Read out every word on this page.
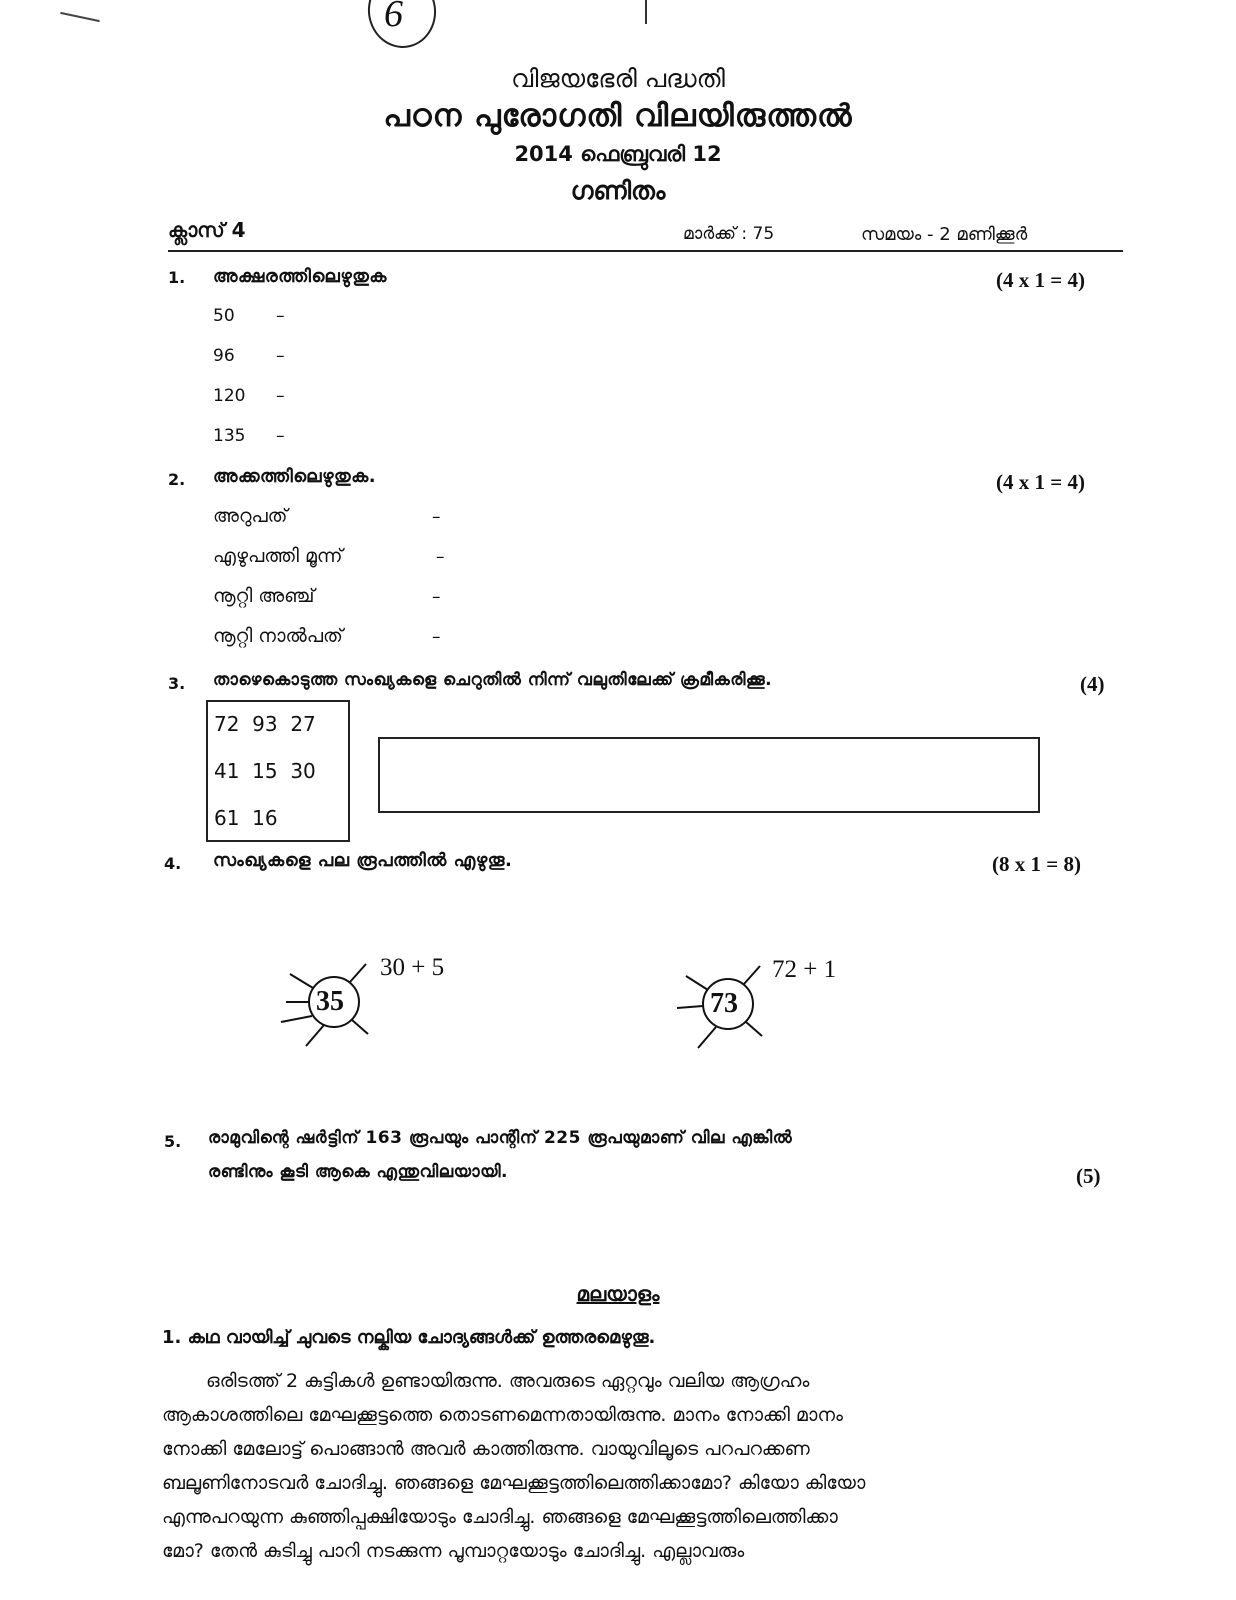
6
വിജയഭേരി പദ്ധതി
പഠന പുരോഗതി വിലയിരുത്തൽ
2014 ഫെബ്രുവരി 12
ഗണിതം
ക്ലാസ് 4	മാർക്ക് : 75	സമയം - 2 മണിക്കൂർ
1. അക്ഷരത്തിലെഴുതുക	(4 x 1 = 4)
50 –
96 –
120 –
135 –
2. അക്കത്തിലെഴുതുക.	(4 x 1 = 4)
അറുപത്	–
എഴുപത്തി മൂന്ന്	–
നൂറ്റി അഞ്ച്	–
നൂറ്റി നാൽപത്	–
3. താഴെകൊടുത്ത സംഖ്യകളെ ചെറുതിൽ നിന്ന് വലുതിലേക്ക് ക്രമീകരിക്കൂ.	(4)
72  93  27
41  15  30
61  16
4. സംഖ്യകളെ പല രൂപത്തിൽ എഴുതൂ.	(8 x 1 = 8)
35
30 + 5
73
72 + 1
5. രാമുവിന്റെ ഷർട്ടിന് 163 രൂപയും പാന്റിന് 225 രൂപയുമാണ് വില എങ്കിൽ
രണ്ടിനും കൂടി ആകെ എന്തുവിലയായി.	(5)
മലയാളം
1. കഥ വായിച്ച് ചുവടെ നല്കിയ ചോദ്യങ്ങൾക്ക് ഉത്തരമെഴുതൂ.
ഒരിടത്ത് 2 കുട്ടികൾ ഉണ്ടായിരുന്നു. അവരുടെ ഏറ്റവും വലിയ ആഗ്രഹം
ആകാശത്തിലെ മേഘക്കൂട്ടത്തെ തൊടണമെന്നതായിരുന്നു. മാനം നോക്കി മാനം
നോക്കി മേലോട്ട് പൊങ്ങാൻ അവർ കാത്തിരുന്നു. വായുവിലൂടെ പറപറക്കണ
ബലൂണിനോടവർ ചോദിച്ചു. ഞങ്ങളെ മേഘക്കൂട്ടത്തിലെത്തിക്കാമോ? കിയോ കിയോ
എന്നുപറയുന്ന കുഞ്ഞിപ്പക്ഷിയോടും ചോദിച്ചു. ഞങ്ങളെ മേഘക്കൂട്ടത്തിലെത്തിക്കാ
മോ? തേൻ കുടിച്ചു പാറി നടക്കുന്ന പൂമ്പാറ്റയോടും ചോദിച്ചു. എല്ലാവരും
